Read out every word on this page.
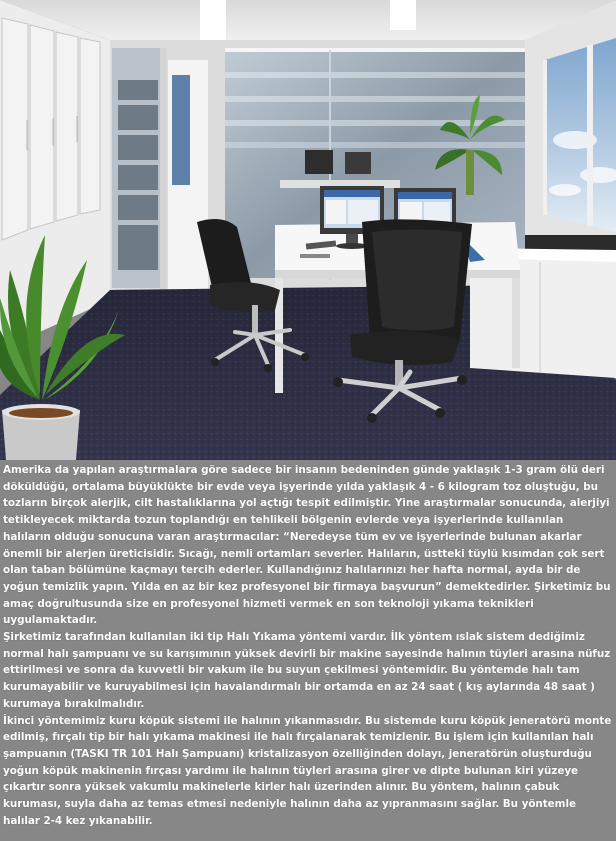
Amerika da yapılan araştırmalara göre sadece bir insanın bedeninden günde yaklaşık 1-3 gram ölü deri döküldüğü, ortalama büyüklükte bir evde veya işyerinde yılda yaklaşık 4 - 6 kilogram toz oluştuğu, bu tozların birçok alerjik, cilt hastalıklarına yol açtığı tespit edilmiştir. Yine araştırmalar sonucunda, alerjiyi tetikleyecek miktarda tozun toplandığı en tehlikeli bölgenin evlerde veya işyerlerinde kullanılan halıların olduğu sonucuna varan araştırmacılar: “Neredeyse tüm ev ve işyerlerinde bulunan akarlar önemli bir alerjen üreticisidir. Sıcağı, nemli ortamları severler. Halıların, üstteki tüylü kısımdan çok sert olan taban bölümüne kaçmayı tercih ederler. Kullandığınız halılarınızı her hafta normal, ayda bir de yoğun temizlik yapın. Yılda en az bir kez profesyonel bir firmaya başvurun” demektedirler. Şirketimiz bu amaç doğrultusunda size en profesyonel hizmeti vermek en son teknoloji yıkama teknikleri uygulamaktadır.

Şirketimiz tarafından kullanılan iki tip Halı Yıkama yöntemi vardır. İlk yöntem ıslak sistem dediğimiz normal halı şampuanı ve su karışımının yüksek devirli bir makine sayesinde halının tüyleri arasına nüfuz ettirilmesi ve sonra da kuvvetli bir vakum ile bu suyun çekilmesi yöntemidir. Bu yöntemde halı tam kurumayabilir ve kuruyabilmesi için havalandırmalı bir ortamda en az 24 saat ( kış aylarında 48 saat ) kurumaya bırakılmalıdır.

İkinci yöntemimiz kuru köpük sistemi ile halının yıkanmasıdır. Bu sistemde kuru köpük jeneratörü monte edilmiş, fırçalı tip bir halı yıkama makinesi ile halı fırçalanarak temizlenir. Bu işlem için kullanılan halı şampuanın (TASKI TR 101 Halı Şampuanı) kristalizasyon özelliğinden dolayı, jeneratörün oluşturduğu yoğun köpük makinenin fırçası yardımı ile halının tüyleri arasına girer ve dipte bulunan kiri yüzeye çıkartır sonra yüksek vakumlu makinelerle kirler halı üzerinden alınır. Bu yöntem, halının çabuk kuruması, suyla daha az temas etmesi nedeniyle halının daha az yıpranmasını sağlar. Bu yöntemle halılar 2-4 kez yıkanabilir.
